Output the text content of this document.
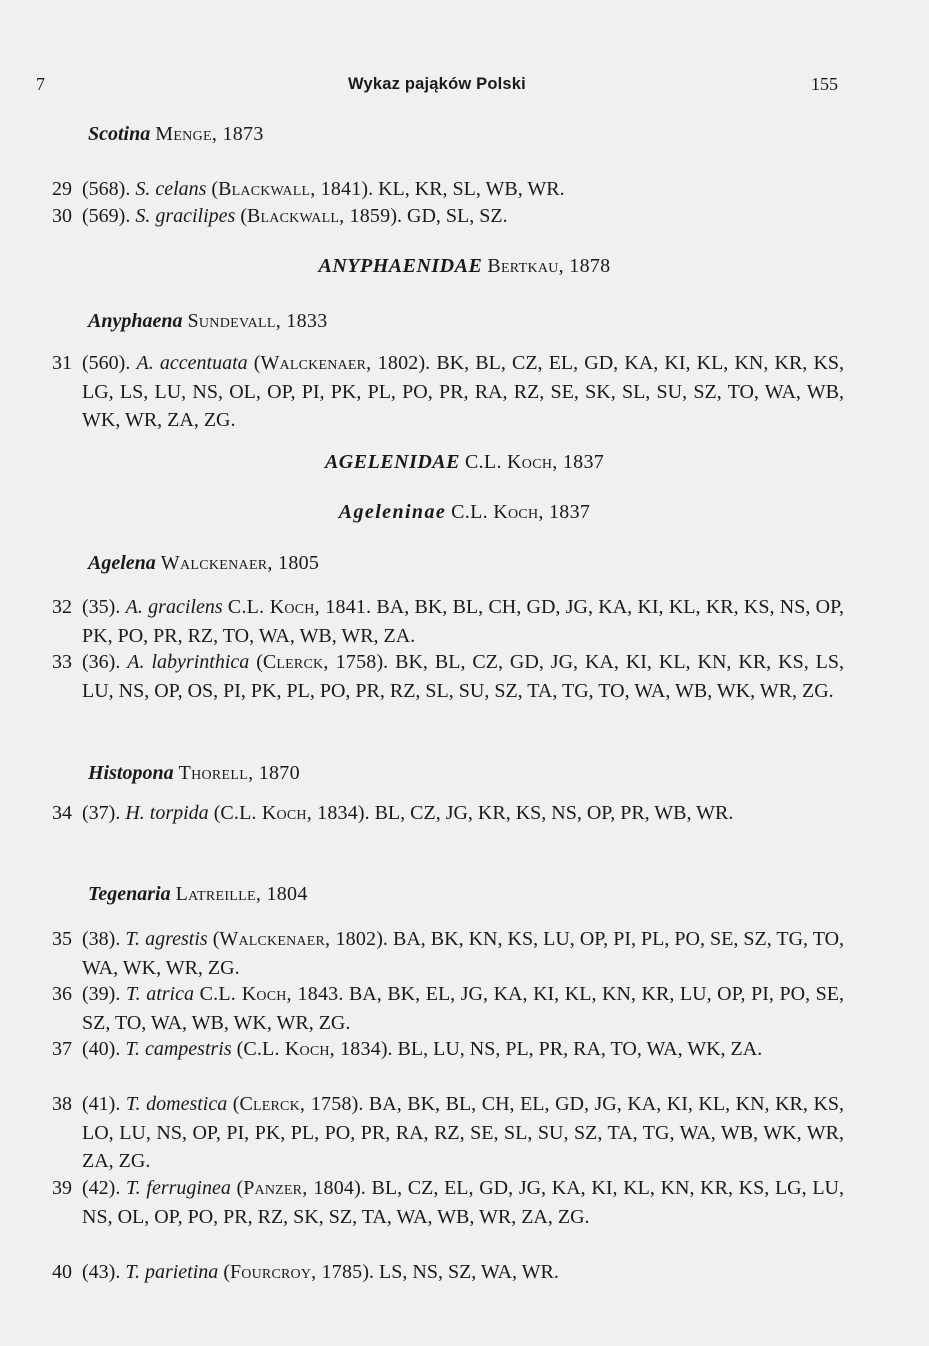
7	Wykaz pająków Polski	155
Scotina Menge, 1873
29 (568). S. celans (Blackwall, 1841). KL, KR, SL, WB, WR.
30 (569). S. gracilipes (Blackwall, 1859). GD, SL, SZ.
ANYPHAENIDAE Bertkau, 1878
Anyphaena Sundevall, 1833
31 (560). A. accentuata (Walckenaer, 1802). BK, BL, CZ, EL, GD, KA, KI, KL, KN, KR, KS, LG, LS, LU, NS, OL, OP, PI, PK, PL, PO, PR, RA, RZ, SE, SK, SL, SU, SZ, TO, WA, WB, WK, WR, ZA, ZG.
AGELENIDAE C.L. Koch, 1837
Ageleninae C.L. Koch, 1837
Agelena Walckenaer, 1805
32 (35). A. gracilens C.L. Koch, 1841. BA, BK, BL, CH, GD, JG, KA, KI, KL, KR, KS, NS, OP, PK, PO, PR, RZ, TO, WA, WB, WR, ZA.
33 (36). A. labyrinthica (Clerck, 1758). BK, BL, CZ, GD, JG, KA, KI, KL, KN, KR, KS, LS, LU, NS, OP, OS, PI, PK, PL, PO, PR, RZ, SL, SU, SZ, TA, TG, TO, WA, WB, WK, WR, ZG.
Histopona Thorell, 1870
34 (37). H. torpida (C.L. Koch, 1834). BL, CZ, JG, KR, KS, NS, OP, PR, WB, WR.
Tegenaria Latreille, 1804
35 (38). T. agrestis (Walckenaer, 1802). BA, BK, KN, KS, LU, OP, PI, PL, PO, SE, SZ, TG, TO, WA, WK, WR, ZG.
36 (39). T. atrica C.L. Koch, 1843. BA, BK, EL, JG, KA, KI, KL, KN, KR, LU, OP, PI, PO, SE, SZ, TO, WA, WB, WK, WR, ZG.
37 (40). T. campestris (C.L. Koch, 1834). BL, LU, NS, PL, PR, RA, TO, WA, WK, ZA.
38 (41). T. domestica (Clerck, 1758). BA, BK, BL, CH, EL, GD, JG, KA, KI, KL, KN, KR, KS, LO, LU, NS, OP, PI, PK, PL, PO, PR, RA, RZ, SE, SL, SU, SZ, TA, TG, WA, WB, WK, WR, ZA, ZG.
39 (42). T. ferruginea (Panzer, 1804). BL, CZ, EL, GD, JG, KA, KI, KL, KN, KR, KS, LG, LU, NS, OL, OP, PO, PR, RZ, SK, SZ, TA, WA, WB, WR, ZA, ZG.
40 (43). T. parietina (Fourcroy, 1785). LS, NS, SZ, WA, WR.
